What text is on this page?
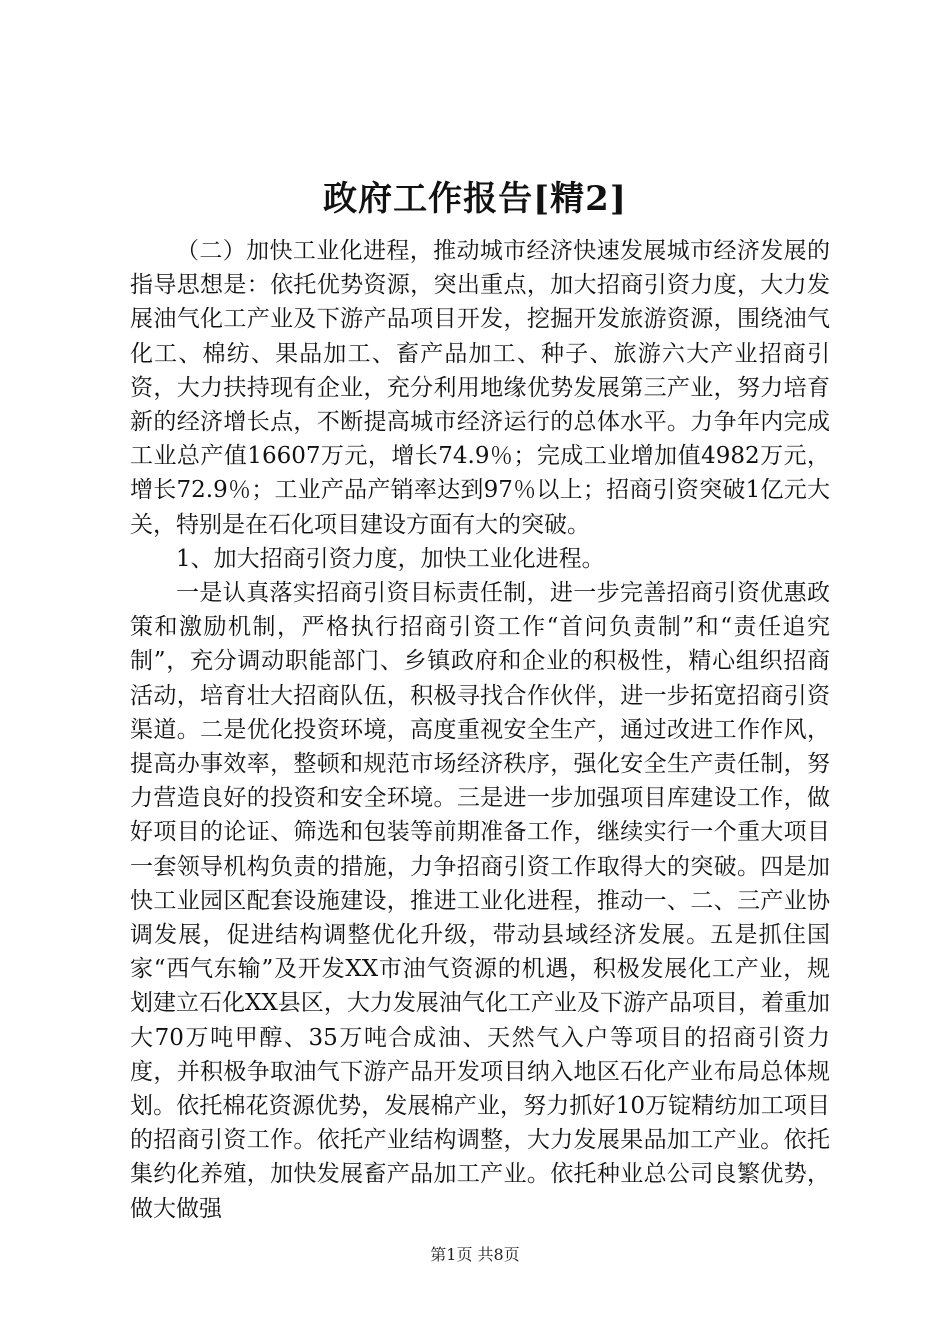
政府工作报告[精2]

（二）加快工业化进程，推动城市经济快速发展城市经济发展的指导思想是：依托优势资源，突出重点，加大招商引资力度，大力发展油气化工产业及下游产品项目开发，挖掘开发旅游资源，围绕油气化工、棉纺、果品加工、畜产品加工、种子、旅游六大产业招商引资，大力扶持现有企业，充分利用地缘优势发展第三产业，努力培育新的经济增长点，不断提高城市经济运行的总体水平。力争年内完成工业总产值16607万元，增长74.9％；完成工业增加值4982万元，增长72.9％；工业产品产销率达到97％以上；招商引资突破1亿元大关，特别是在石化项目建设方面有大的突破。

1、加大招商引资力度，加快工业化进程。

一是认真落实招商引资目标责任制，进一步完善招商引资优惠政策和激励机制，严格执行招商引资工作“首问负责制”和“责任追究制”，充分调动职能部门、乡镇政府和企业的积极性，精心组织招商活动，培育壮大招商队伍，积极寻找合作伙伴，进一步拓宽招商引资渠道。二是优化投资环境，高度重视安全生产，通过改进工作作风，提高办事效率，整顿和规范市场经济秩序，强化安全生产责任制，努力营造良好的投资和安全环境。三是进一步加强项目库建设工作，做好项目的论证、筛选和包装等前期准备工作，继续实行一个重大项目一套领导机构负责的措施，力争招商引资工作取得大的突破。四是加快工业园区配套设施建设，推进工业化进程，推动一、二、三产业协调发展，促进结构调整优化升级，带动县域经济发展。五是抓住国家“西气东输”及开发XX市油气资源的机遇，积极发展化工产业，规划建立石化XX县区，大力发展油气化工产业及下游产品项目，着重加大70万吨甲醇、35万吨合成油、天然气入户等项目的招商引资力度，并积极争取油气下游产品开发项目纳入地区石化产业布局总体规划。依托棉花资源优势，发展棉产业，努力抓好10万锭精纺加工项目的招商引资工作。依托产业结构调整，大力发展果品加工产业。依托集约化养殖，加快发展畜产品加工产业。依托种业总公司良繁优势，做大做强

第1页 共8页
